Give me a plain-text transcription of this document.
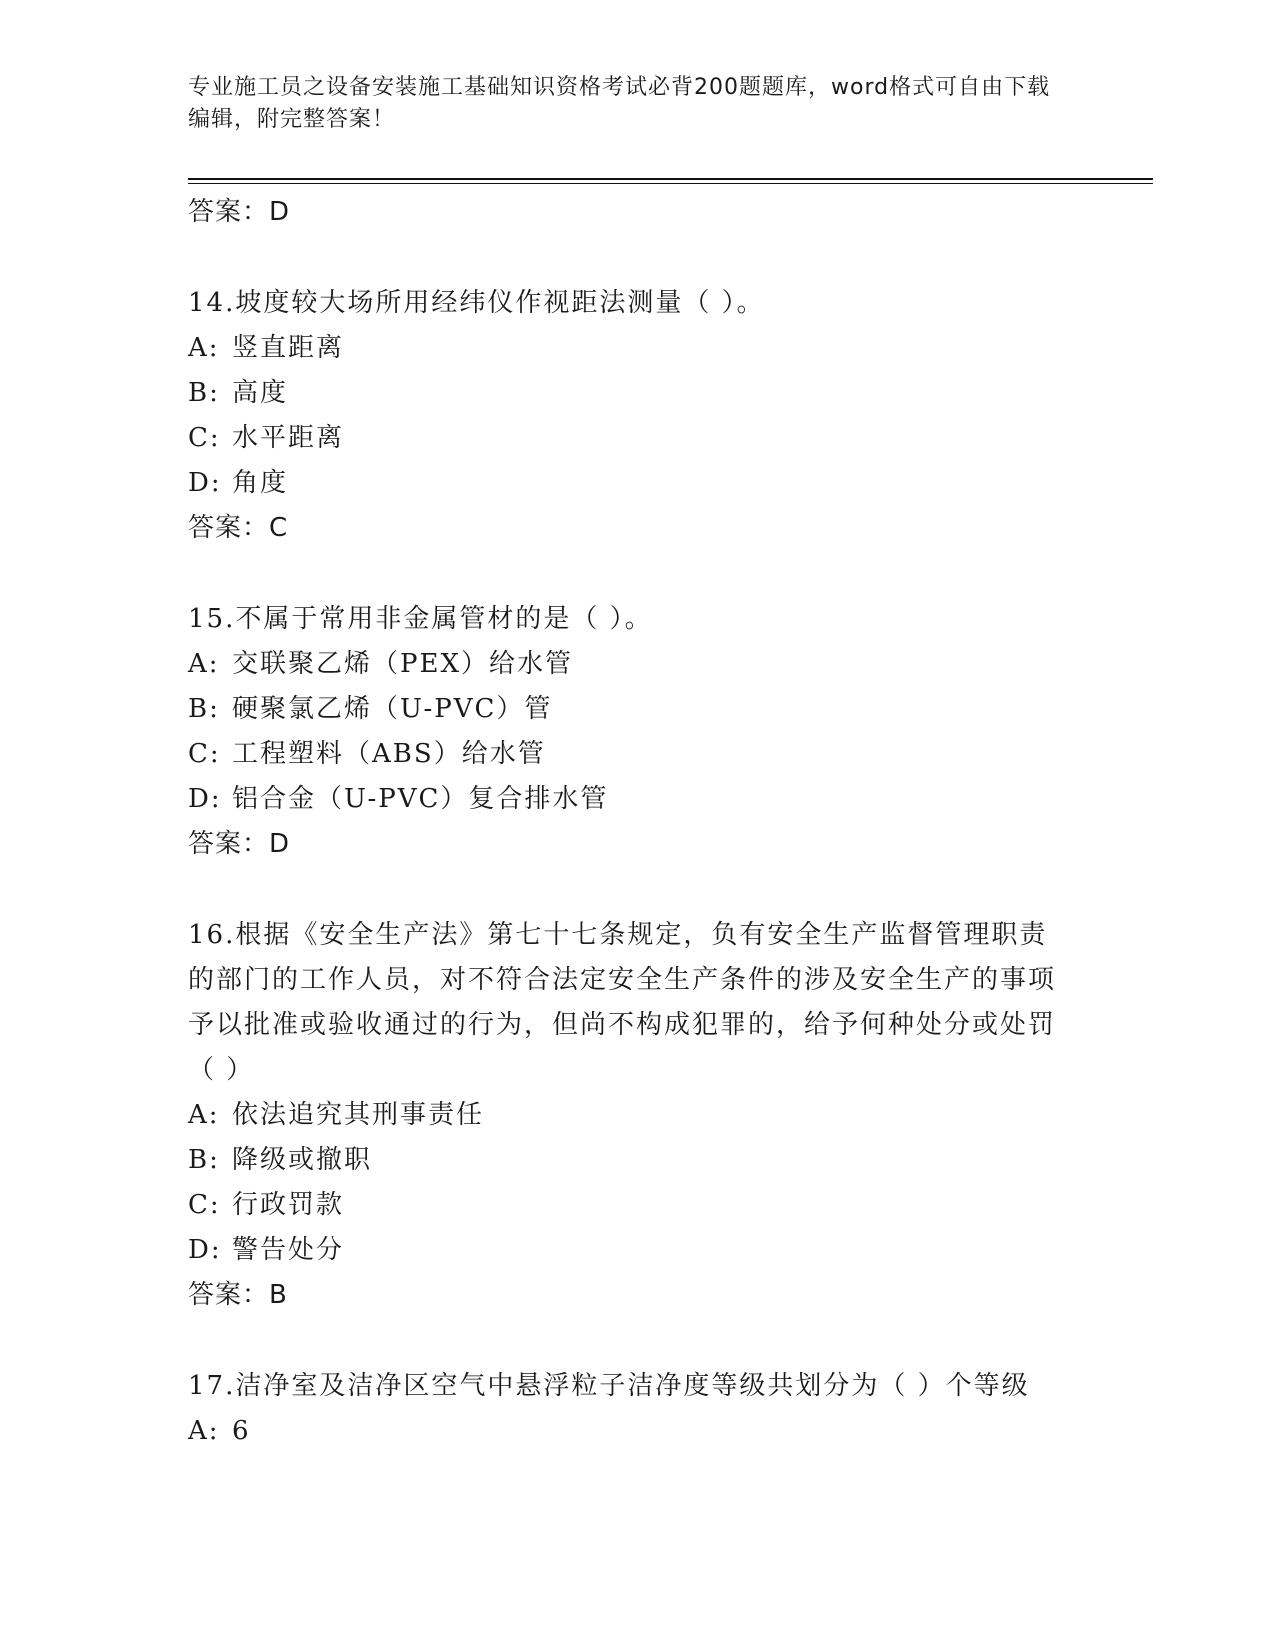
专业施工员之设备安装施工基础知识资格考试必背200题题库，word格式可自由下载编辑，附完整答案！
答案：D
14.坡度较大场所用经纬仪作视距法测量（ ）。
A: 竖直距离
B: 高度
C: 水平距离
D: 角度
答案：C
15.不属于常用非金属管材的是（ ）。
A: 交联聚乙烯（PEX）给水管
B: 硬聚氯乙烯（U-PVC）管
C: 工程塑料（ABS）给水管
D: 铝合金（U-PVC）复合排水管
答案：D
16.根据《安全生产法》第七十七条规定，负有安全生产监督管理职责的部门的工作人员，对不符合法定安全生产条件的涉及安全生产的事项予以批准或验收通过的行为，但尚不构成犯罪的，给予何种处分或处罚（ ）
A: 依法追究其刑事责任
B: 降级或撤职
C: 行政罚款
D: 警告处分
答案：B
17.洁净室及洁净区空气中悬浮粒子洁净度等级共划分为（ ）个等级
A: 6
